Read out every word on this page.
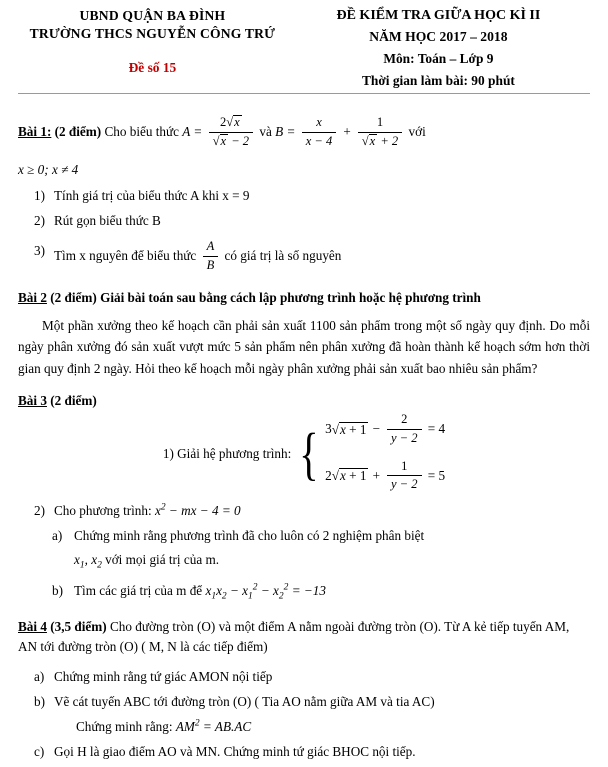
UBND QUẬN BA ĐÌNH
TRƯỜNG THCS NGUYỄN CÔNG TRỨ
Đề số 15
ĐỀ KIỂM TRA GIỮA HỌC KÌ II
NĂM HỌC 2017 – 2018
Môn: Toán – Lớp 9
Thời gian làm bài: 90 phút
Bài 1: (2 điểm) Cho biểu thức $A = \frac{2√x}{√x - 2}$ và $B = \frac{x}{x - 4} + \frac{1}{√x + 2}$ với
x ≥ 0; x ≠ 4
1) Tính giá trị của biểu thức A khi x = 9
2) Rút gọn biểu thức B
3) Tìm x nguyên để biểu thức $\frac{A}{B}$ có giá trị là số nguyên
Bài 2 (2 điểm) Giải bài toán sau bằng cách lập phương trình hoặc hệ phương trình
Một phần xưởng theo kế hoạch cần phải sản xuất 1100 sản phẩm trong một số ngày quy định. Do mỗi ngày phân xưởng đó sản xuất vượt mức 5 sản phẩm nên phân xưởng đã hoàn thành kế hoạch sớm hơn thời gian quy định 2 ngày. Hỏi theo kế hoạch mỗi ngày phân xưởng phải sản xuất bao nhiêu sản phẩm?
Bài 3 (2 điểm)
1) Giải hệ phương trình: { $3√x + 1 - \frac{2}{y - 2} = 4$
$2√x + 1 + \frac{1}{y - 2} = 5$
2) Cho phương trình: $x^2$ − mx − 4 = 0
a) Chứng minh rằng phương trình đã cho luôn có 2 nghiệm phân biệt
$x_1$, $x_2$ với mọi giá trị của m.
b) Tìm các giá trị của m để $x_1x_2 - x_1^2 - x_2^2 = -13$
Bài 4 (3,5 điểm) Cho đường tròn (O) và một điểm A nằm ngoài đường tròn (O). Từ A kẻ tiếp tuyến AM, AN tới đường tròn (O) ( M, N là các tiếp điểm)
a) Chứng minh rằng tứ giác AMON nội tiếp
b) Vẽ cát tuyến ABC tới đường tròn (O) ( Tia AO nằm giữa AM và tia AC)
Chứng minh rằng: $AM^2 = AB.AC$
c) Gọi H là giao điểm AO và MN. Chứng minh tứ giác BHOC nội tiếp.
